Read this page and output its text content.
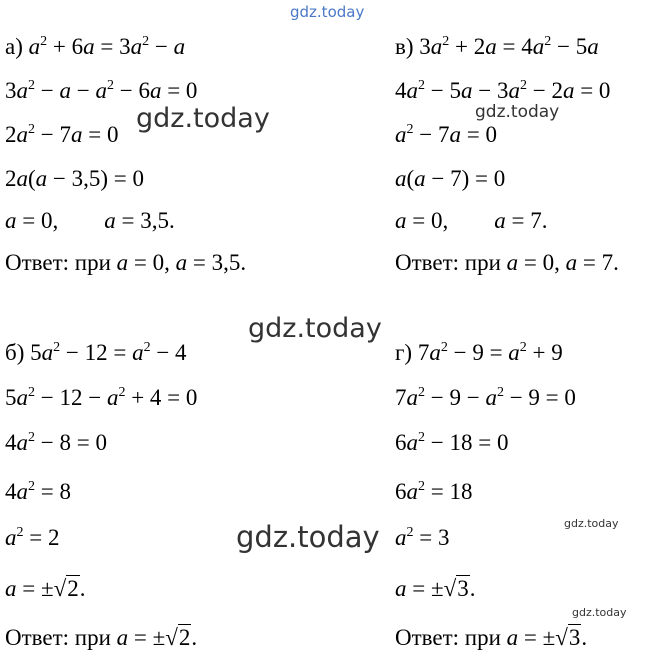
gdz.today
gdz.today	gdz.today
gdz.today
gdz.today	gdz.today
gdz.today
а) $a^2 + 6a = 3a^2 - a$
$3a^2 - a - a^2 - 6a = 0$
$2a^2 - 7a = 0$
2a(a − 3,5) = 0
a = 0,        a = 3,5.
Ответ: при a = 0, a = 3,5.
в) $3a^2 + 2a = 4a^2 - 5a$
$4a^2 - 5a - 3a^2 - 2a = 0$
$a^2 - 7a = 0$
a(a − 7) = 0
a = 0,        a = 7.
Ответ: при a = 0, a = 7.
б) $5a^2 - 12 = a^2 - 4$
$5a^2 - 12 - a^2 + 4 = 0$
$4a^2 - 8 = 0$
$4a^2 = 8$
$a^2 = 2$
a = ±√2.
Ответ: при a = ±√2.
г) $7a^2 - 9 = a^2 + 9$
$7a^2 - 9 - a^2 - 9 = 0$
$6a^2 - 18 = 0$
$6a^2 = 18$
$a^2 = 3$
a = ±√3.
Ответ: при a = ±√3.
